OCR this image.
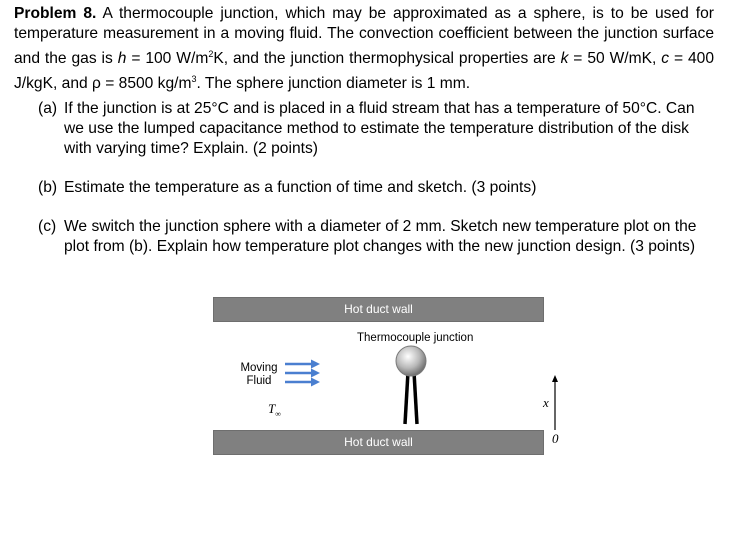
Problem 8. A thermocouple junction, which may be approximated as a sphere, is to be used for temperature measurement in a moving fluid. The convection coefficient between the junction surface and the gas is h = 100 $W/m^2K$, and the junction thermophysical properties are k = 50 W/mK, c = 400 J/kgK, and ρ = 8500 $kg/m^3$. The sphere junction diameter is 1 mm.
(a) If the junction is at 25°C and is placed in a fluid stream that has a temperature of 50°C. Can we use the lumped capacitance method to estimate the temperature distribution of the disk with varying time? Explain. (2 points)
(b) Estimate the temperature as a function of time and sketch. (3 points)
(c) We switch the junction sphere with a diameter of 2 mm. Sketch new temperature plot on the plot from (b). Explain how temperature plot changes with the new junction design. (3 points)
Hot duct wall
Hot duct wall
Thermocouple junction
Moving
Fluid
$T_\infty$
x
0
